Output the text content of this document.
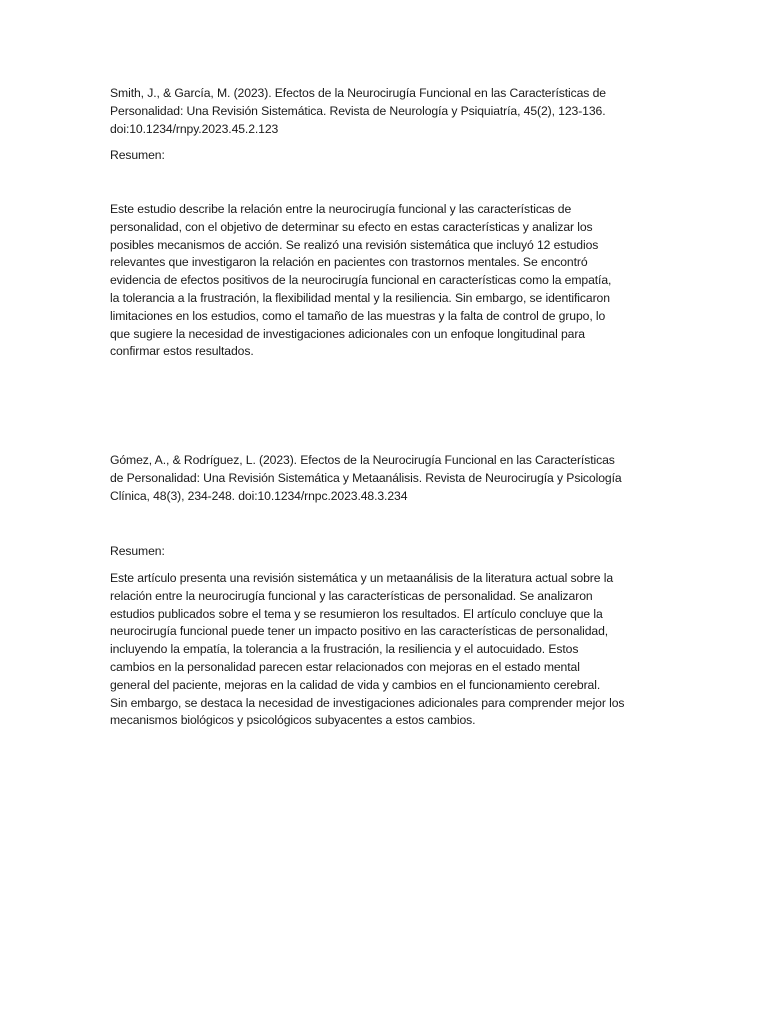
Smith, J., & García, M. (2023). Efectos de la Neurocirugía Funcional en las Características de
Personalidad: Una Revisión Sistemática. Revista de Neurología y Psiquiatría, 45(2), 123-136.
doi:10.1234/rnpy.2023.45.2.123
Resumen:
Este estudio describe la relación entre la neurocirugía funcional y las características de
personalidad, con el objetivo de determinar su efecto en estas características y analizar los
posibles mecanismos de acción. Se realizó una revisión sistemática que incluyó 12 estudios
relevantes que investigaron la relación en pacientes con trastornos mentales. Se encontró
evidencia de efectos positivos de la neurocirugía funcional en características como la empatía,
la tolerancia a la frustración, la flexibilidad mental y la resiliencia. Sin embargo, se identificaron
limitaciones en los estudios, como el tamaño de las muestras y la falta de control de grupo, lo
que sugiere la necesidad de investigaciones adicionales con un enfoque longitudinal para
confirmar estos resultados.
Gómez, A., & Rodríguez, L. (2023). Efectos de la Neurocirugía Funcional en las Características
de Personalidad: Una Revisión Sistemática y Metaanálisis. Revista de Neurocirugía y Psicología
Clínica, 48(3), 234-248. doi:10.1234/rnpc.2023.48.3.234
Resumen:
Este artículo presenta una revisión sistemática y un metaanálisis de la literatura actual sobre la
relación entre la neurocirugía funcional y las características de personalidad. Se analizaron
estudios publicados sobre el tema y se resumieron los resultados. El artículo concluye que la
neurocirugía funcional puede tener un impacto positivo en las características de personalidad,
incluyendo la empatía, la tolerancia a la frustración, la resiliencia y el autocuidado. Estos
cambios en la personalidad parecen estar relacionados con mejoras en el estado mental
general del paciente, mejoras en la calidad de vida y cambios en el funcionamiento cerebral.
Sin embargo, se destaca la necesidad de investigaciones adicionales para comprender mejor los
mecanismos biológicos y psicológicos subyacentes a estos cambios.
